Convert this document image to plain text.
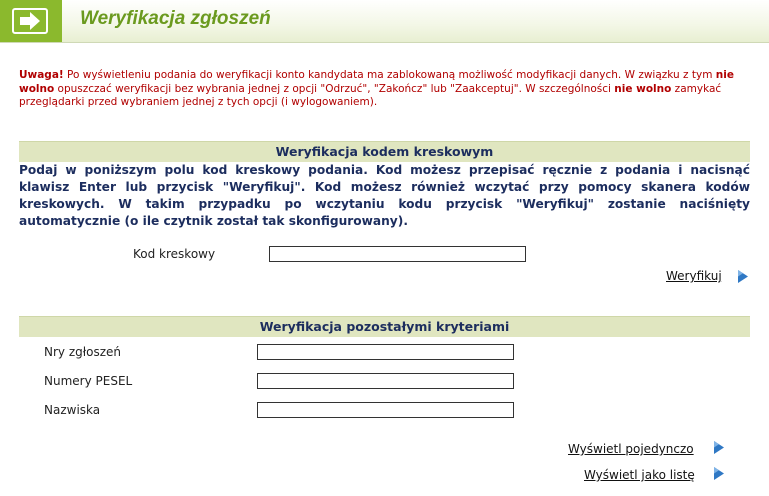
Weryfikacja zgłoszeń
Uwaga! Po wyświetleniu podania do weryfikacji konto kandydata ma zablokowaną możliwość modyfikacji danych. W związku z tym nie wolno opuszczać weryfikacji bez wybrania jednej z opcji "Odrzuć", "Zakończ" lub "Zaakceptuj". W szczególności nie wolno zamykać przeglądarki przed wybraniem jednej z tych opcji (i wylogowaniem).
Weryfikacja kodem kreskowym
Podaj w poniższym polu kod kreskowy podania. Kod możesz przepisać ręcznie z podania i nacisnąć klawisz Enter lub przycisk "Weryfikuj". Kod możesz również wczytać przy pomocy skanera kodów kreskowych. W takim przypadku po wczytaniu kodu przycisk "Weryfikuj" zostanie naciśnięty automatycznie (o ile czytnik został tak skonfigurowany).
Kod kreskowy
Weryfikuj
Weryfikacja pozostałymi kryteriami
Nry zgłoszeń
Numery PESEL
Nazwiska
Wyświetl pojedynczo
Wyświetl jako listę
